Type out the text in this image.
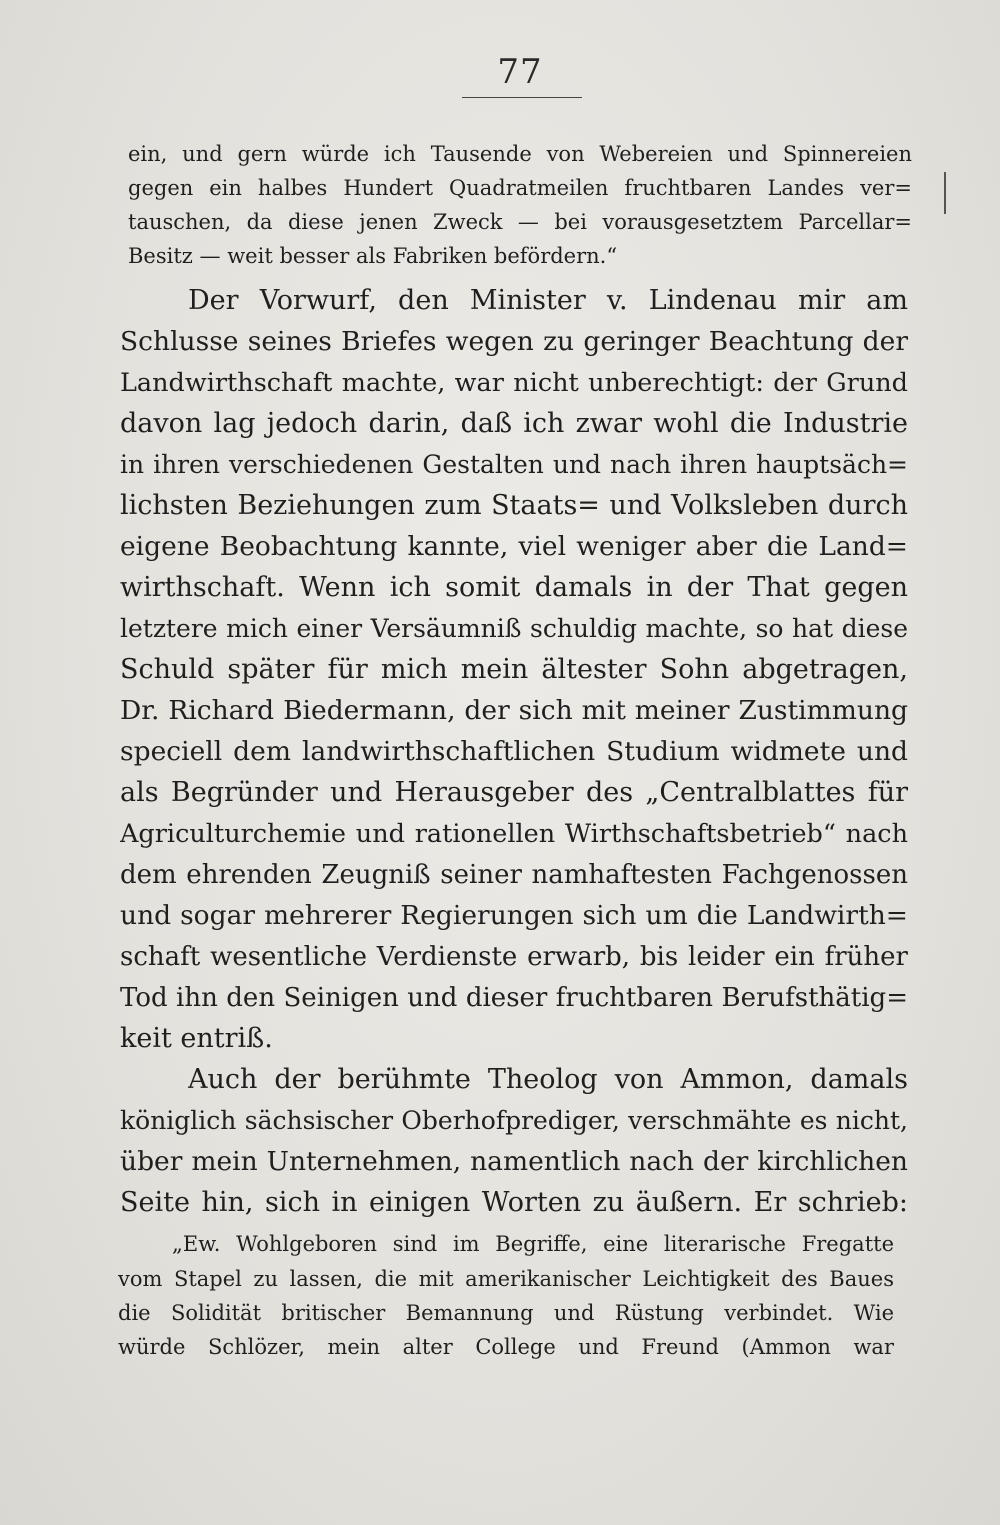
77
ein, und gern würde ich Tausende von Webereien und Spinnereien
gegen ein halbes Hundert Quadratmeilen fruchtbaren Landes ver=
tauschen, da diese jenen Zweck — bei vorausgesetztem Parcellar=
Besitz — weit besser als Fabriken befördern.“
Der Vorwurf, den Minister v. Lindenau mir am
Schlusse seines Briefes wegen zu geringer Beachtung der
Landwirthschaft machte, war nicht unberechtigt: der Grund
davon lag jedoch darin, daß ich zwar wohl die Industrie
in ihren verschiedenen Gestalten und nach ihren hauptsäch=
lichsten Beziehungen zum Staats= und Volksleben durch
eigene Beobachtung kannte, viel weniger aber die Land=
wirthschaft. Wenn ich somit damals in der That gegen
letztere mich einer Versäumniß schuldig machte, so hat diese
Schuld später für mich mein ältester Sohn abgetragen,
Dr. Richard Biedermann, der sich mit meiner Zustimmung
speciell dem landwirthschaftlichen Studium widmete und
als Begründer und Herausgeber des „Centralblattes für
Agriculturchemie und rationellen Wirthschaftsbetrieb“ nach
dem ehrenden Zeugniß seiner namhaftesten Fachgenossen
und sogar mehrerer Regierungen sich um die Landwirth=
schaft wesentliche Verdienste erwarb, bis leider ein früher
Tod ihn den Seinigen und dieser fruchtbaren Berufsthätig=
keit entriß.
Auch der berühmte Theolog von Ammon, damals
königlich sächsischer Oberhofprediger, verschmähte es nicht,
über mein Unternehmen, namentlich nach der kirchlichen
Seite hin, sich in einigen Worten zu äußern. Er schrieb:
„Ew. Wohlgeboren sind im Begriffe, eine literarische Fregatte
vom Stapel zu lassen, die mit amerikanischer Leichtigkeit des Baues
die Solidität britischer Bemannung und Rüstung verbindet. Wie
würde Schlözer, mein alter College und Freund (Ammon war
